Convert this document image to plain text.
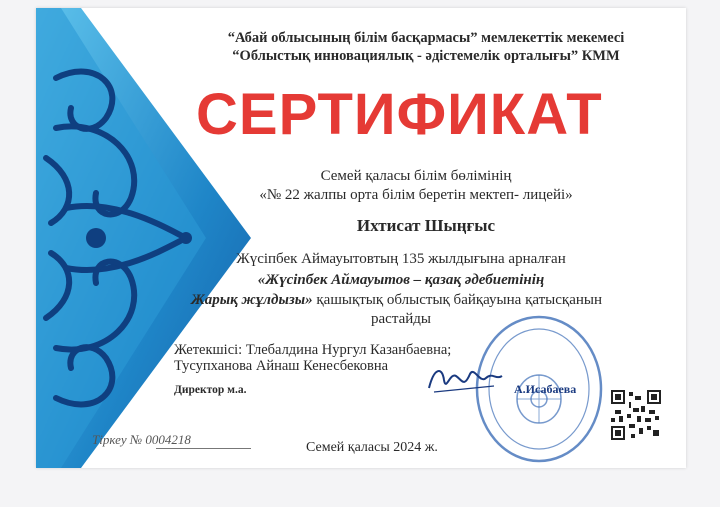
“Абай облысының білім басқармасы” мемлекеттік мекемесі
“Облыстық инновациялық - әдістемелік орталығы” КММ
СЕРТИФИКАТ
Семей қаласы білім бөлімінің
«№ 22 жалпы орта білім беретін мектеп- лицейі»
Ихтисат Шыңғыс
Жүсіпбек Аймауытовтың 135 жылдығына арналған
«Жүсіпбек Аймауытов – қазақ әдебиетінің
Жарық жұлдызы» қашықтық облыстық байқауына қатысқанын
растайды
Жетекшісі: Тлебалдина Нургул Казанбаевна;
Тусупханова Айнаш Кенесбековна
Директор м.а.	А.Исабаева
Тіркеу № 0004218
Семей қаласы 2024 ж.
